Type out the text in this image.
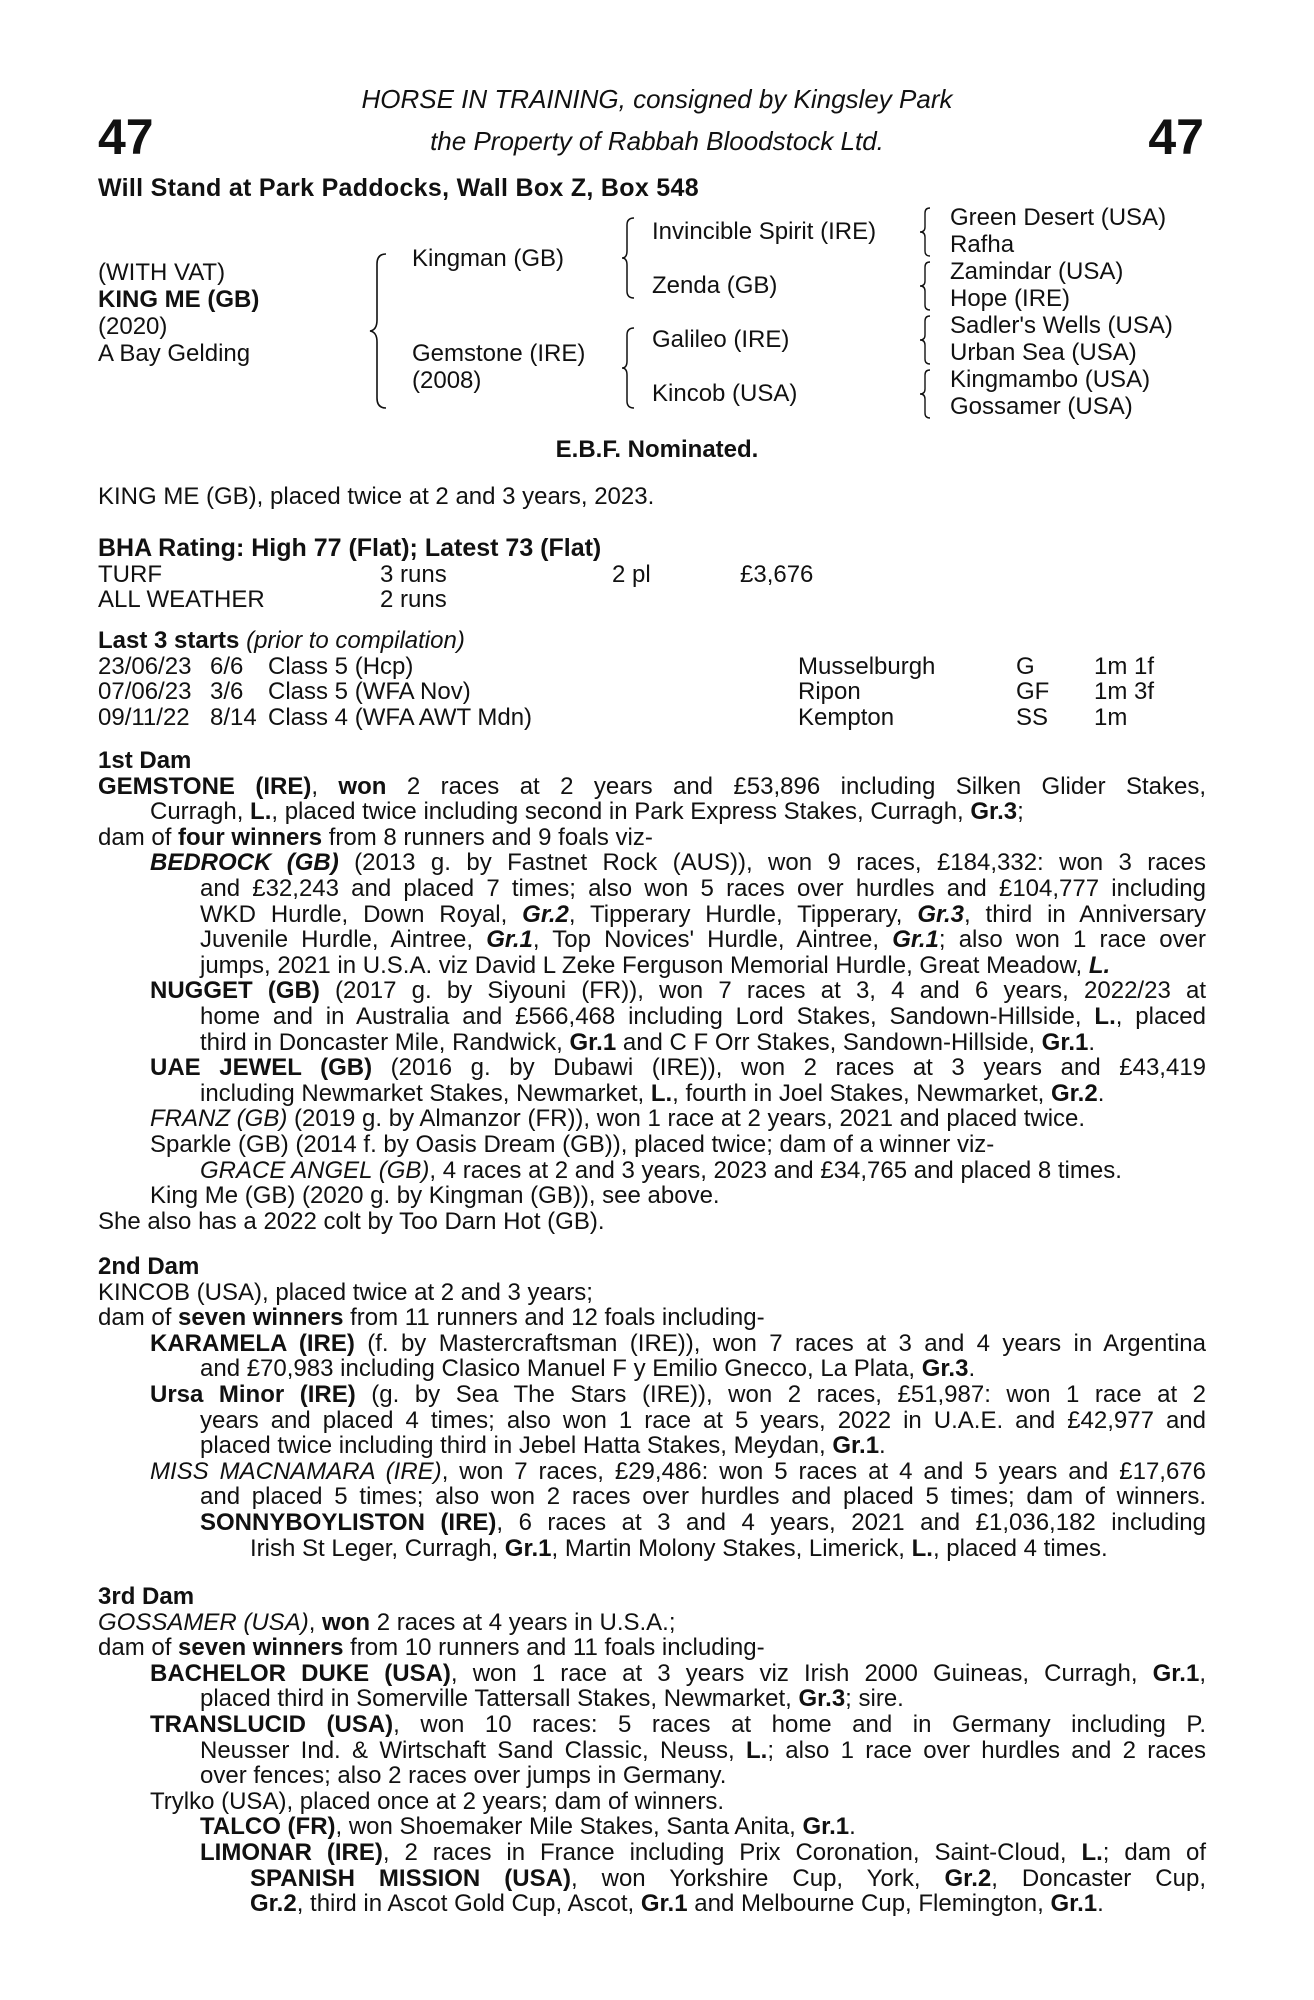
47	47
HORSE IN TRAINING, consigned by Kingsley Park
the Property of Rabbah Bloodstock Ltd.
Will Stand at Park Paddocks, Wall Box Z, Box 548
(WITH VAT)
KING ME (GB)
(2020)
A Bay Gelding
Kingman (GB)
Gemstone (IRE)
(2008)
Invincible Spirit (IRE)
Zenda (GB)
Galileo (IRE)
Kincob (USA)
Green Desert (USA)
Rafha
Zamindar (USA)
Hope (IRE)
Sadler's Wells (USA)
Urban Sea (USA)
Kingmambo (USA)
Gossamer (USA)
E.B.F. Nominated.
KING ME (GB), placed twice at 2 and 3 years, 2023.
BHA Rating: High 77 (Flat); Latest 73 (Flat)
TURF	3 runs	2 pl	£3,676
ALL WEATHER	2 runs		
Last 3 starts (prior to compilation)
23/06/23	6/6	Class 5 (Hcp)	Musselburgh	G	1m 1f
07/06/23	3/6	Class 5 (WFA Nov)	Ripon	GF	1m 3f
09/11/22	8/14	Class 4 (WFA AWT Mdn)	Kempton	SS	1m
1st Dam
GEMSTONE (IRE), won 2 races at 2 years and £53,896 including Silken Glider Stakes,
Curragh, L., placed twice including second in Park Express Stakes, Curragh, Gr.3;
dam of four winners from 8 runners and 9 foals viz-
BEDROCK (GB) (2013 g. by Fastnet Rock (AUS)), won 9 races, £184,332: won 3 races
and £32,243 and placed 7 times; also won 5 races over hurdles and £104,777 including
WKD Hurdle, Down Royal, Gr.2, Tipperary Hurdle, Tipperary, Gr.3, third in Anniversary
Juvenile Hurdle, Aintree, Gr.1, Top Novices' Hurdle, Aintree, Gr.1; also won 1 race over
jumps, 2021 in U.S.A. viz David L Zeke Ferguson Memorial Hurdle, Great Meadow, L.
NUGGET (GB) (2017 g. by Siyouni (FR)), won 7 races at 3, 4 and 6 years, 2022/23 at
home and in Australia and £566,468 including Lord Stakes, Sandown-Hillside, L., placed
third in Doncaster Mile, Randwick, Gr.1 and C F Orr Stakes, Sandown-Hillside, Gr.1.
UAE JEWEL (GB) (2016 g. by Dubawi (IRE)), won 2 races at 3 years and £43,419
including Newmarket Stakes, Newmarket, L., fourth in Joel Stakes, Newmarket, Gr.2.
FRANZ (GB) (2019 g. by Almanzor (FR)), won 1 race at 2 years, 2021 and placed twice.
Sparkle (GB) (2014 f. by Oasis Dream (GB)), placed twice; dam of a winner viz-
GRACE ANGEL (GB), 4 races at 2 and 3 years, 2023 and £34,765 and placed 8 times.
King Me (GB) (2020 g. by Kingman (GB)), see above.
She also has a 2022 colt by Too Darn Hot (GB).
2nd Dam
KINCOB (USA), placed twice at 2 and 3 years;
dam of seven winners from 11 runners and 12 foals including-
KARAMELA (IRE) (f. by Mastercraftsman (IRE)), won 7 races at 3 and 4 years in Argentina
and £70,983 including Clasico Manuel F y Emilio Gnecco, La Plata, Gr.3.
Ursa Minor (IRE) (g. by Sea The Stars (IRE)), won 2 races, £51,987: won 1 race at 2
years and placed 4 times; also won 1 race at 5 years, 2022 in U.A.E. and £42,977 and
placed twice including third in Jebel Hatta Stakes, Meydan, Gr.1.
MISS MACNAMARA (IRE), won 7 races, £29,486: won 5 races at 4 and 5 years and £17,676
and placed 5 times; also won 2 races over hurdles and placed 5 times; dam of winners.
SONNYBOYLISTON (IRE), 6 races at 3 and 4 years, 2021 and £1,036,182 including
Irish St Leger, Curragh, Gr.1, Martin Molony Stakes, Limerick, L., placed 4 times.
3rd Dam
GOSSAMER (USA), won 2 races at 4 years in U.S.A.;
dam of seven winners from 10 runners and 11 foals including-
BACHELOR DUKE (USA), won 1 race at 3 years viz Irish 2000 Guineas, Curragh, Gr.1,
placed third in Somerville Tattersall Stakes, Newmarket, Gr.3; sire.
TRANSLUCID (USA), won 10 races: 5 races at home and in Germany including P.
Neusser Ind. & Wirtschaft Sand Classic, Neuss, L.; also 1 race over hurdles and 2 races
over fences; also 2 races over jumps in Germany.
Trylko (USA), placed once at 2 years; dam of winners.
TALCO (FR), won Shoemaker Mile Stakes, Santa Anita, Gr.1.
LIMONAR (IRE), 2 races in France including Prix Coronation, Saint-Cloud, L.; dam of
SPANISH MISSION (USA), won Yorkshire Cup, York, Gr.2, Doncaster Cup,
Gr.2, third in Ascot Gold Cup, Ascot, Gr.1 and Melbourne Cup, Flemington, Gr.1.
